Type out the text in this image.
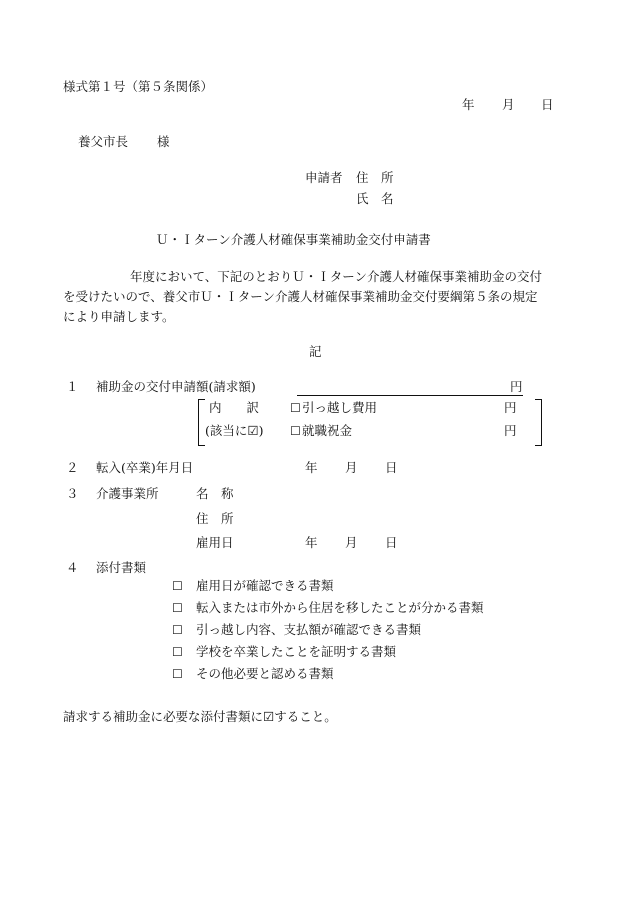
様式第１号（第５条関係）
年 月 日
養父市長 様
申請者 住　所
氏　名
Ｕ・Ｉターン介護人材確保事業補助金交付申請書
年度において、下記のとおりＵ・Ｉターン介護人材確保事業補助金の交付
を受けたいので、養父市Ｕ・Ｉターン介護人材確保事業補助金交付要綱第５条の規定
により申請します。
記
１ 補助金の交付申請額(請求額)	円
内　　訳
(該当に☑)
☐ 引っ越し費用	円
☐ 就職祝金	円
２ 転入(卒業)年月日	年 月 日
３ 介護事業所	名　称
住　所
雇用日	年 月 日
４ 添付書類
☐ 雇用日が確認できる書類
☐ 転入または市外から住居を移したことが分かる書類
☐ 引っ越し内容、支払額が確認できる書類
☐ 学校を卒業したことを証明する書類
☐ その他必要と認める書類
請求する補助金に必要な添付書類に☑すること。
